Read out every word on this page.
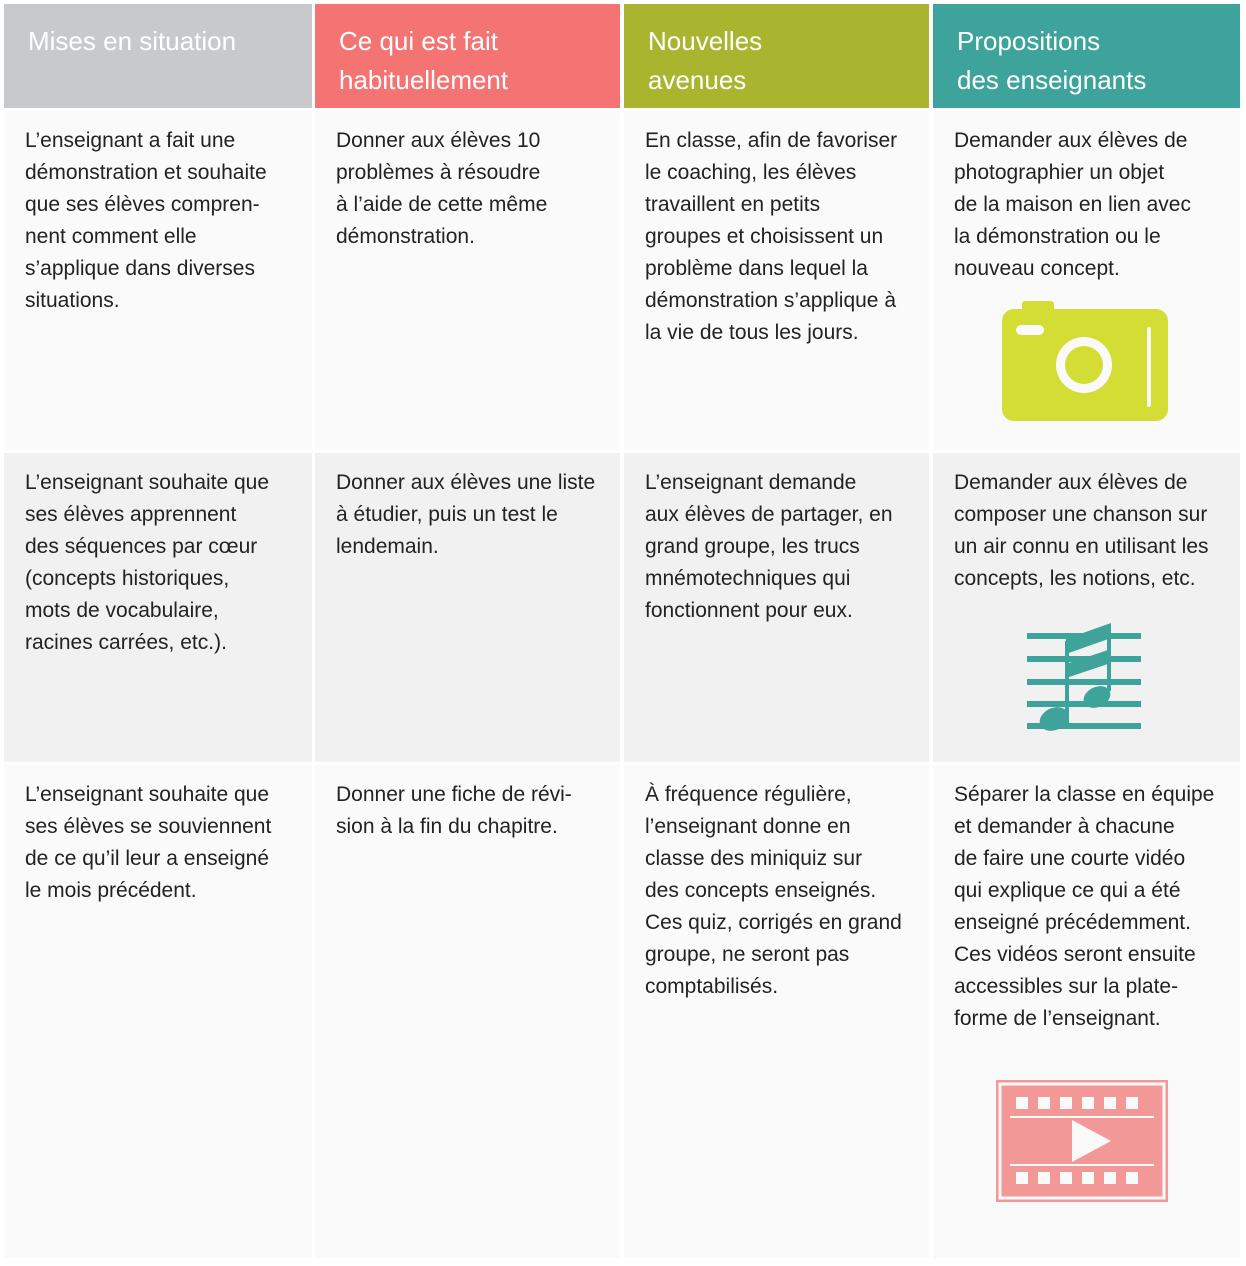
Mises en situation	Ce qui est fait
habituellement
Nouvelles
avenues
Propositions
des enseignants
L’enseignant a fait une
démonstration et souhaite
que ses élèves compren-
nent comment elle
s’applique dans diverses
situations.
Donner aux élèves 10
problèmes à résoudre
à l’aide de cette même
démonstration.
En classe, afin de favoriser
le coaching, les élèves
travaillent en petits
groupes et choisissent un
problème dans lequel la
démonstration s’applique à
la vie de tous les jours.
Demander aux élèves de
photographier un objet
de la maison en lien avec
la démonstration ou le
nouveau concept.
L’enseignant souhaite que
ses élèves apprennent
des séquences par cœur
(concepts historiques,
mots de vocabulaire,
racines carrées, etc.).
Donner aux élèves une liste
à étudier, puis un test le
lendemain.
L’enseignant demande
aux élèves de partager, en
grand groupe, les trucs
mnémotechniques qui
fonctionnent pour eux.
Demander aux élèves de
composer une chanson sur
un air connu en utilisant les
concepts, les notions, etc.
L’enseignant souhaite que
ses élèves se souviennent
de ce qu’il leur a enseigné
le mois précédent.
Donner une fiche de révi-
sion à la fin du chapitre.
À fréquence régulière,
l’enseignant donne en
classe des miniquiz sur
des concepts enseignés.
Ces quiz, corrigés en grand
groupe, ne seront pas
comptabilisés.
Séparer la classe en équipe
et demander à chacune
de faire une courte vidéo
qui explique ce qui a été
enseigné précédemment.
Ces vidéos seront ensuite
accessibles sur la plate-
forme de l’enseignant.
